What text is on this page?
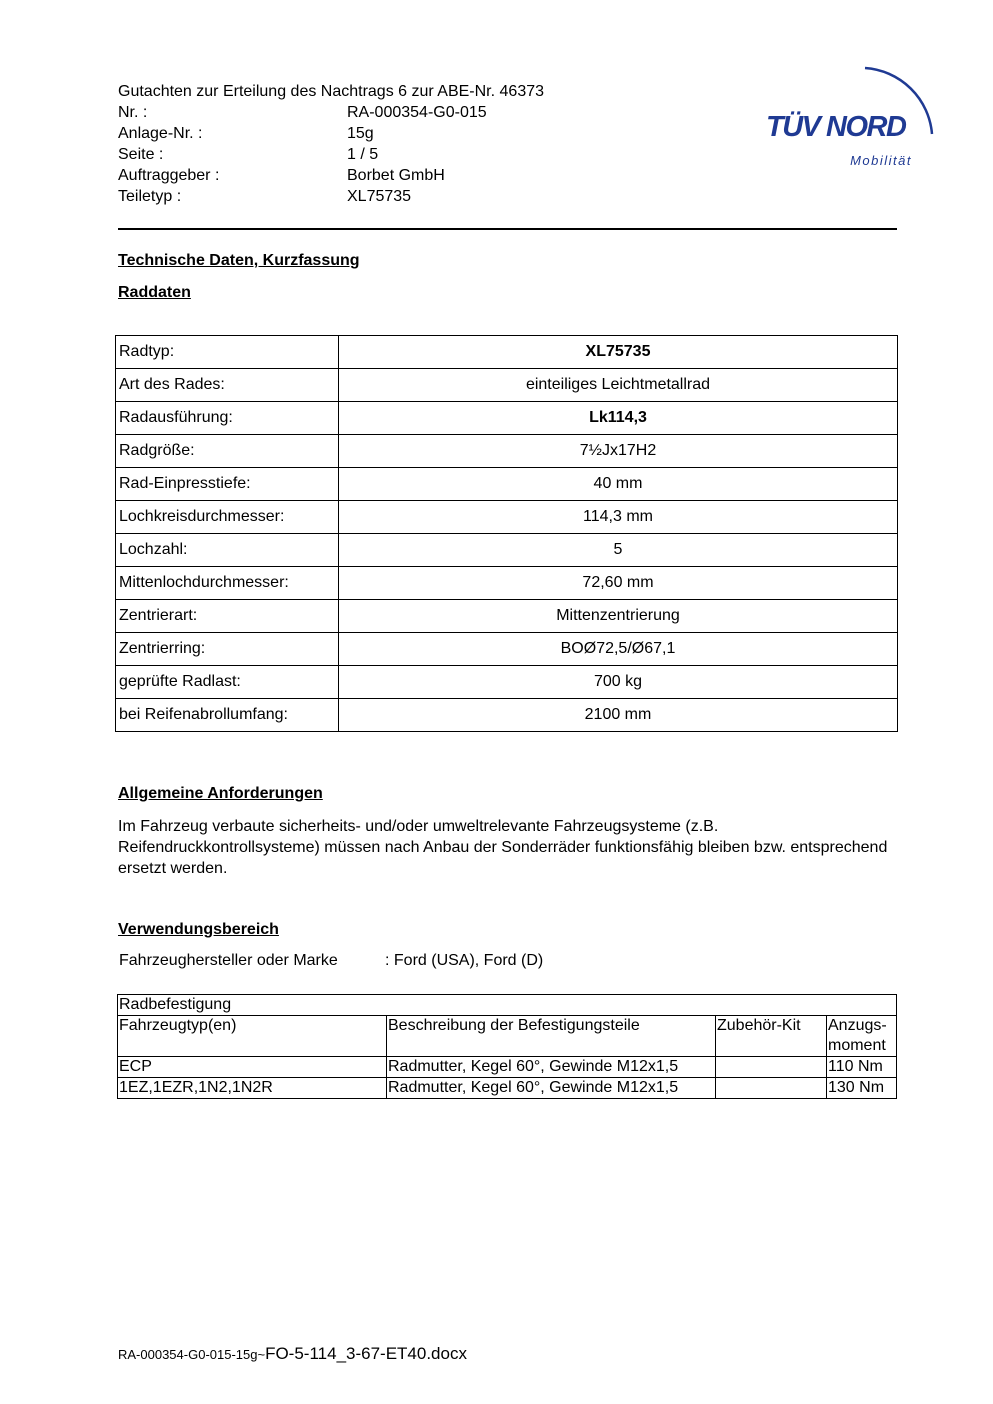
Gutachten zur Erteilung des Nachtrags 6 zur ABE-Nr. 46373
Nr. :	RA-000354-G0-015
Anlage-Nr. :	15g
Seite :	1 / 5
Auftraggeber :	Borbet GmbH
Teiletyp :	XL75735
TÜV NORD
Mobilität
Technische Daten, Kurzfassung
Raddaten
Radtyp:	XL75735
Art des Rades:	einteiliges Leichtmetallrad
Radausführung:	Lk114,3
Radgröße:	7½Jx17H2
Rad-Einpresstiefe:	40 mm
Lochkreisdurchmesser:	114,3 mm
Lochzahl:	5
Mittenlochdurchmesser:	72,60 mm
Zentrierart:	Mittenzentrierung
Zentrierring:	BOØ72,5/Ø67,1
geprüfte Radlast:	700 kg
bei Reifenabrollumfang:	2100 mm
Allgemeine Anforderungen
Im Fahrzeug verbaute sicherheits- und/oder umweltrelevante Fahrzeugsysteme (z.B. Reifendruckkontrollsysteme) müssen nach Anbau der Sonderräder funktionsfähig bleiben bzw. entsprechend ersetzt werden.
Verwendungsbereich
Fahrzeughersteller oder Marke	: Ford (USA), Ford (D)
Radbefestigung			
Fahrzeugtyp(en)	Beschreibung der Befestigungsteile	Zubehör-Kit	Anzugs- moment
ECP	Radmutter, Kegel 60°, Gewinde M12x1,5		110 Nm
1EZ,1EZR,1N2,1N2R	Radmutter, Kegel 60°, Gewinde M12x1,5		130 Nm
RA-000354-G0-015-15g~FO-5-114_3-67-ET40.docx
